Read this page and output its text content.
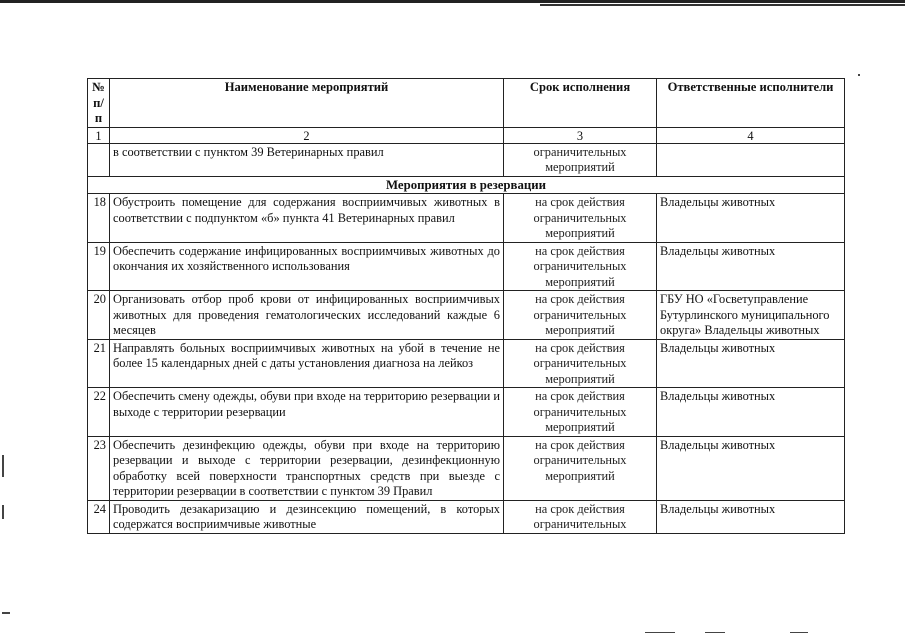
№ п/п	Наименование мероприятий	Срок исполнения	Ответственные исполнители
1	2	3	4
	в соответствии с пунктом 39 Ветеринарных правил	ограничительных мероприятий	
Мероприятия в резервации			
18	Обустроить помещение для содержания восприимчивых животных в соответствии с подпунктом «б» пункта 41 Ветеринарных правил	на срок действия ограничительных мероприятий	Владельцы животных
19	Обеспечить содержание инфицированных восприимчивых животных до окончания их хозяйственного использования	на срок действия ограничительных мероприятий	Владельцы животных
20	Организовать отбор проб крови от инфицированных восприимчивых животных для проведения гематологических исследований каждые 6 месяцев	на срок действия ограничительных мероприятий	ГБУ НО «Госветуправление Бутурлинского муниципального округа» Владельцы животных
21	Направлять больных восприимчивых животных на убой в течение не более 15 календарных дней с даты установления диагноза на лейкоз	на срок действия ограничительных мероприятий	Владельцы животных
22	Обеспечить смену одежды, обуви при входе на территорию резервации и выходе с территории резервации	на срок действия ограничительных мероприятий	Владельцы животных
23	Обеспечить дезинфекцию одежды, обуви при входе на территорию резервации и выходе с территории резервации, дезинфекционную обработку всей поверхности транспортных средств при выезде с территории резервации в соответствии с пунктом 39 Правил	на срок действия ограничительных мероприятий	Владельцы животных
24	Проводить дезакаризацию и дезинсекцию помещений, в которых содержатся восприимчивые животные	на срок действия ограничительных	Владельцы животных
